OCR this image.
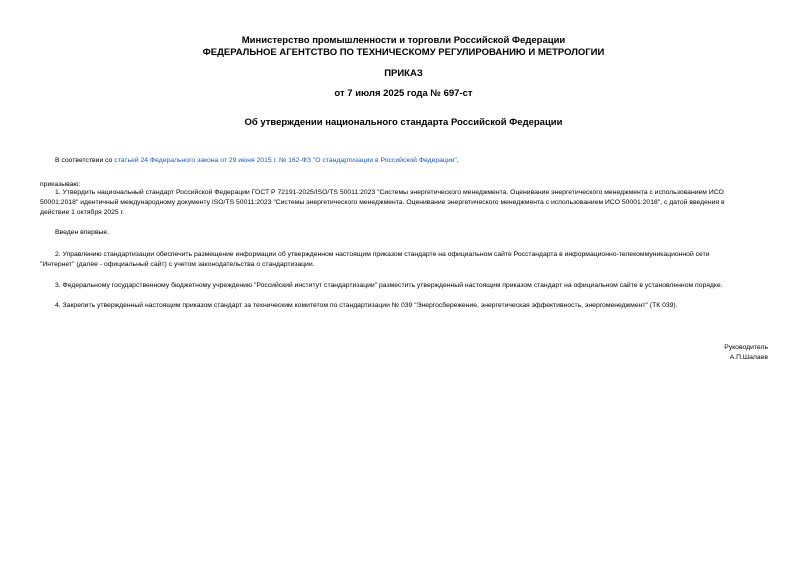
Министерство промышленности и торговли Российской Федерации
ФЕДЕРАЛЬНОЕ АГЕНТСТВО ПО ТЕХНИЧЕСКОМУ РЕГУЛИРОВАНИЮ И МЕТРОЛОГИИ
ПРИКАЗ
от 7 июля 2025 года № 697-ст
Об утверждении национального стандарта Российской Федерации
В соответствии со статьей 24 Федерального закона от 29 июня 2015 г. № 162-ФЗ "О стандартизации в Российской Федерации",
приказываю:
1. Утвердить национальный стандарт Российской Федерации ГОСТ Р 72191-2025/ISO/TS 50011:2023 "Системы энергетического менеджмента. Оценивание энергетического менеджмента с использованием ИСО
50001:2018" идентичный международному документу ISO/TS 50011:2023 "Системы энергетического менеджмента. Оценивание энергетического менеджмента с использованием ИСО 50001:2018", с датой введения в
действие 1 октября 2025 г.
Введен впервые.
2. Управлению стандартизации обеспечить размещение информации об утвержденном настоящим приказом стандарте на официальном сайте Росстандарта в информационно-телекоммуникационной сети
"Интернет" (далее - официальный сайт) с учетом законодательства о стандартизации.
3. Федеральному государственному бюджетному учреждению "Российский институт стандартизации" разместить утвержденный настоящим приказом стандарт на официальном сайте в установленном порядке.
4. Закрепить утвержденный настоящим приказом стандарт за техническим комитетом по стандартизации № 039 "Энергосбережение, энергетическая эффективность, энергоменеджмент" (ТК 039).
Руководитель
А.П.Шалаев
